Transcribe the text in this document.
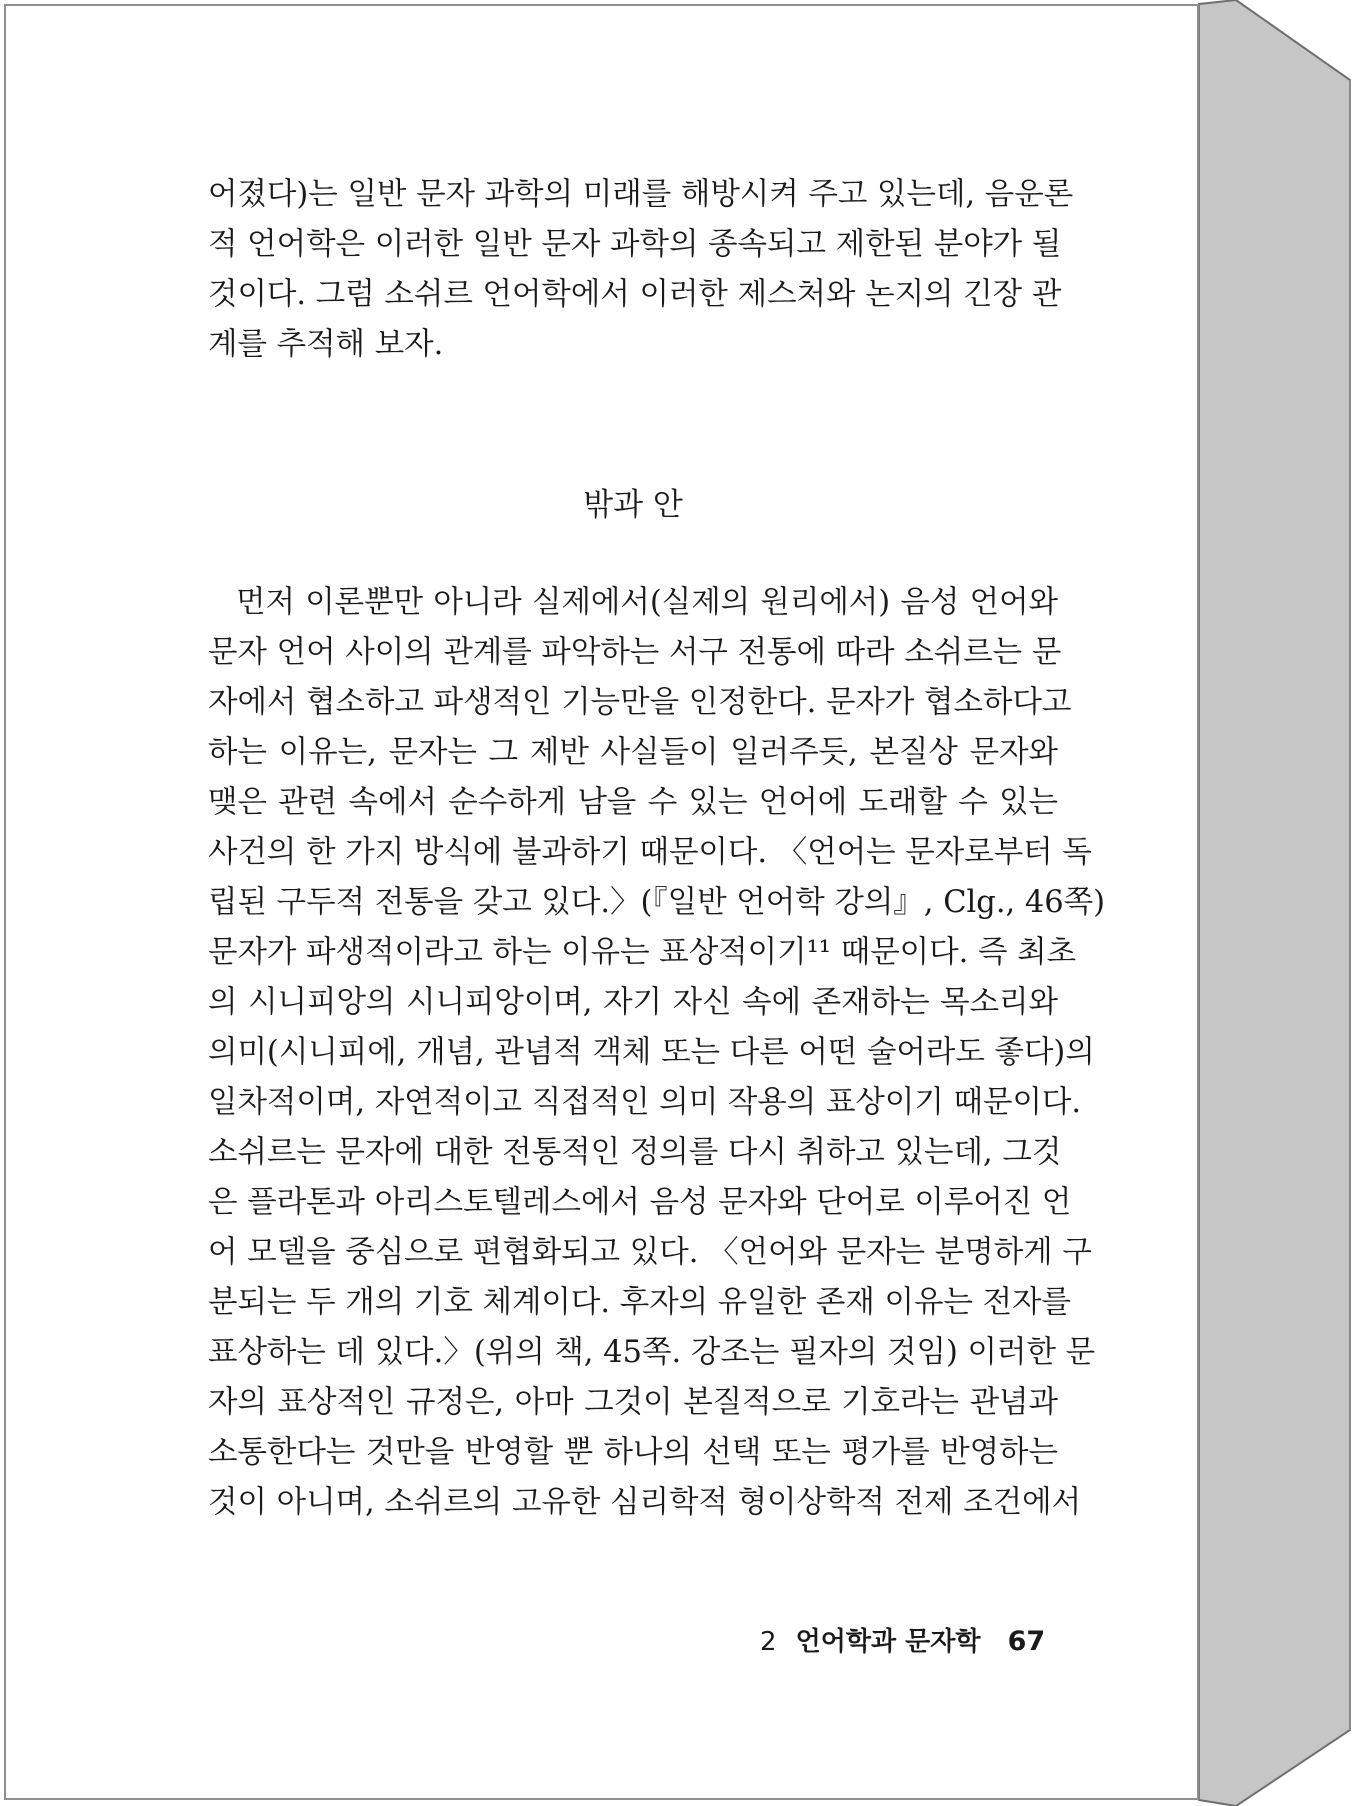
어졌다)는 일반 문자 과학의 미래를 해방시켜 주고 있는데, 음운론
적 언어학은 이러한 일반 문자 과학의 종속되고 제한된 분야가 될
것이다. 그럼 소쉬르 언어학에서 이러한 제스처와 논지의 긴장 관
계를 추적해 보자.
밖과 안
먼저 이론뿐만 아니라 실제에서(실제의 원리에서) 음성 언어와
문자 언어 사이의 관계를 파악하는 서구 전통에 따라 소쉬르는 문
자에서 협소하고 파생적인 기능만을 인정한다. 문자가 협소하다고
하는 이유는, 문자는 그 제반 사실들이 일러주듯, 본질상 문자와
맺은 관련 속에서 순수하게 남을 수 있는 언어에 도래할 수 있는
사건의 한 가지 방식에 불과하기 때문이다. 〈언어는 문자로부터 독
립된 구두적 전통을 갖고 있다.〉(『일반 언어학 강의』, Clg., 46쪽)
문자가 파생적이라고 하는 이유는 표상적이기¹¹ 때문이다. 즉 최초
의 시니피앙의 시니피앙이며, 자기 자신 속에 존재하는 목소리와
의미(시니피에, 개념, 관념적 객체 또는 다른 어떤 술어라도 좋다)의
일차적이며, 자연적이고 직접적인 의미 작용의 표상이기 때문이다.
소쉬르는 문자에 대한 전통적인 정의를 다시 취하고 있는데, 그것
은 플라톤과 아리스토텔레스에서 음성 문자와 단어로 이루어진 언
어 모델을 중심으로 편협화되고 있다. 〈언어와 문자는 분명하게 구
분되는 두 개의 기호 체계이다. 후자의 유일한 존재 이유는 전자를
표상하는 데 있다.〉(위의 책, 45쪽. 강조는 필자의 것임) 이러한 문
자의 표상적인 규정은, 아마 그것이 본질적으로 기호라는 관념과
소통한다는 것만을 반영할 뿐 하나의 선택 또는 평가를 반영하는
것이 아니며, 소쉬르의 고유한 심리학적 형이상학적 전제 조건에서
2 언어학과 문자학 67
